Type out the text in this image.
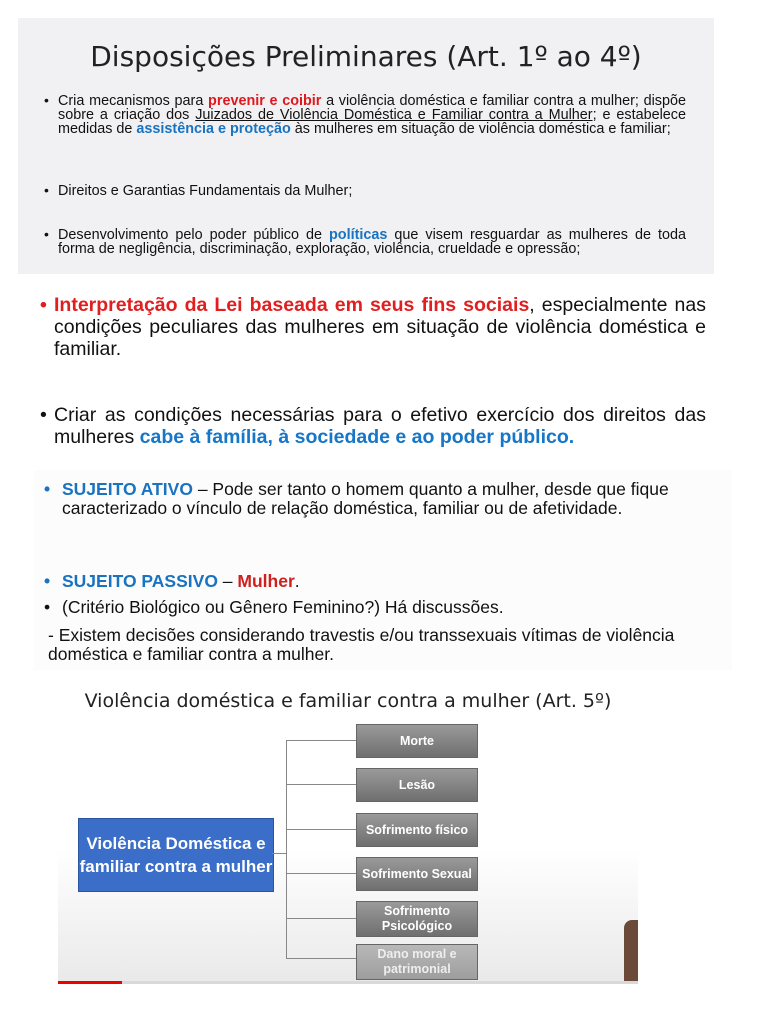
Disposições Preliminares (Art. 1º ao 4º)
• Cria mecanismos para prevenir e coibir a violência doméstica e familiar contra a mulher; dispõe sobre a criação dos Juizados de Violência Doméstica e Familiar contra a Mulher; e estabelece medidas de assistência e proteção às mulheres em situação de violência doméstica e familiar;
• Direitos e Garantias Fundamentais da Mulher;
• Desenvolvimento pelo poder público de políticas que visem resguardar as mulheres de toda forma de negligência, discriminação, exploração, violência, crueldade e opressão;
• Interpretação da Lei baseada em seus fins sociais, especialmente nas condições peculiares das mulheres em situação de violência doméstica e familiar.
• Criar as condições necessárias para o efetivo exercício dos direitos das mulheres cabe à família, à sociedade e ao poder público.
• SUJEITO ATIVO – Pode ser tanto o homem quanto a mulher, desde que fique caracterizado o vínculo de relação doméstica, familiar ou de afetividade.
• SUJEITO PASSIVO – Mulher.
• (Critério Biológico ou Gênero Feminino?) Há discussões.
- Existem decisões considerando travestis e/ou transsexuais vítimas de violência doméstica e familiar contra a mulher.
Violência doméstica e familiar contra a mulher (Art. 5º)
Violência Doméstica e familiar contra a mulher
Morte
Lesão
Sofrimento físico
Sofrimento Sexual
Sofrimento Psicológico
Dano moral e patrimonial
